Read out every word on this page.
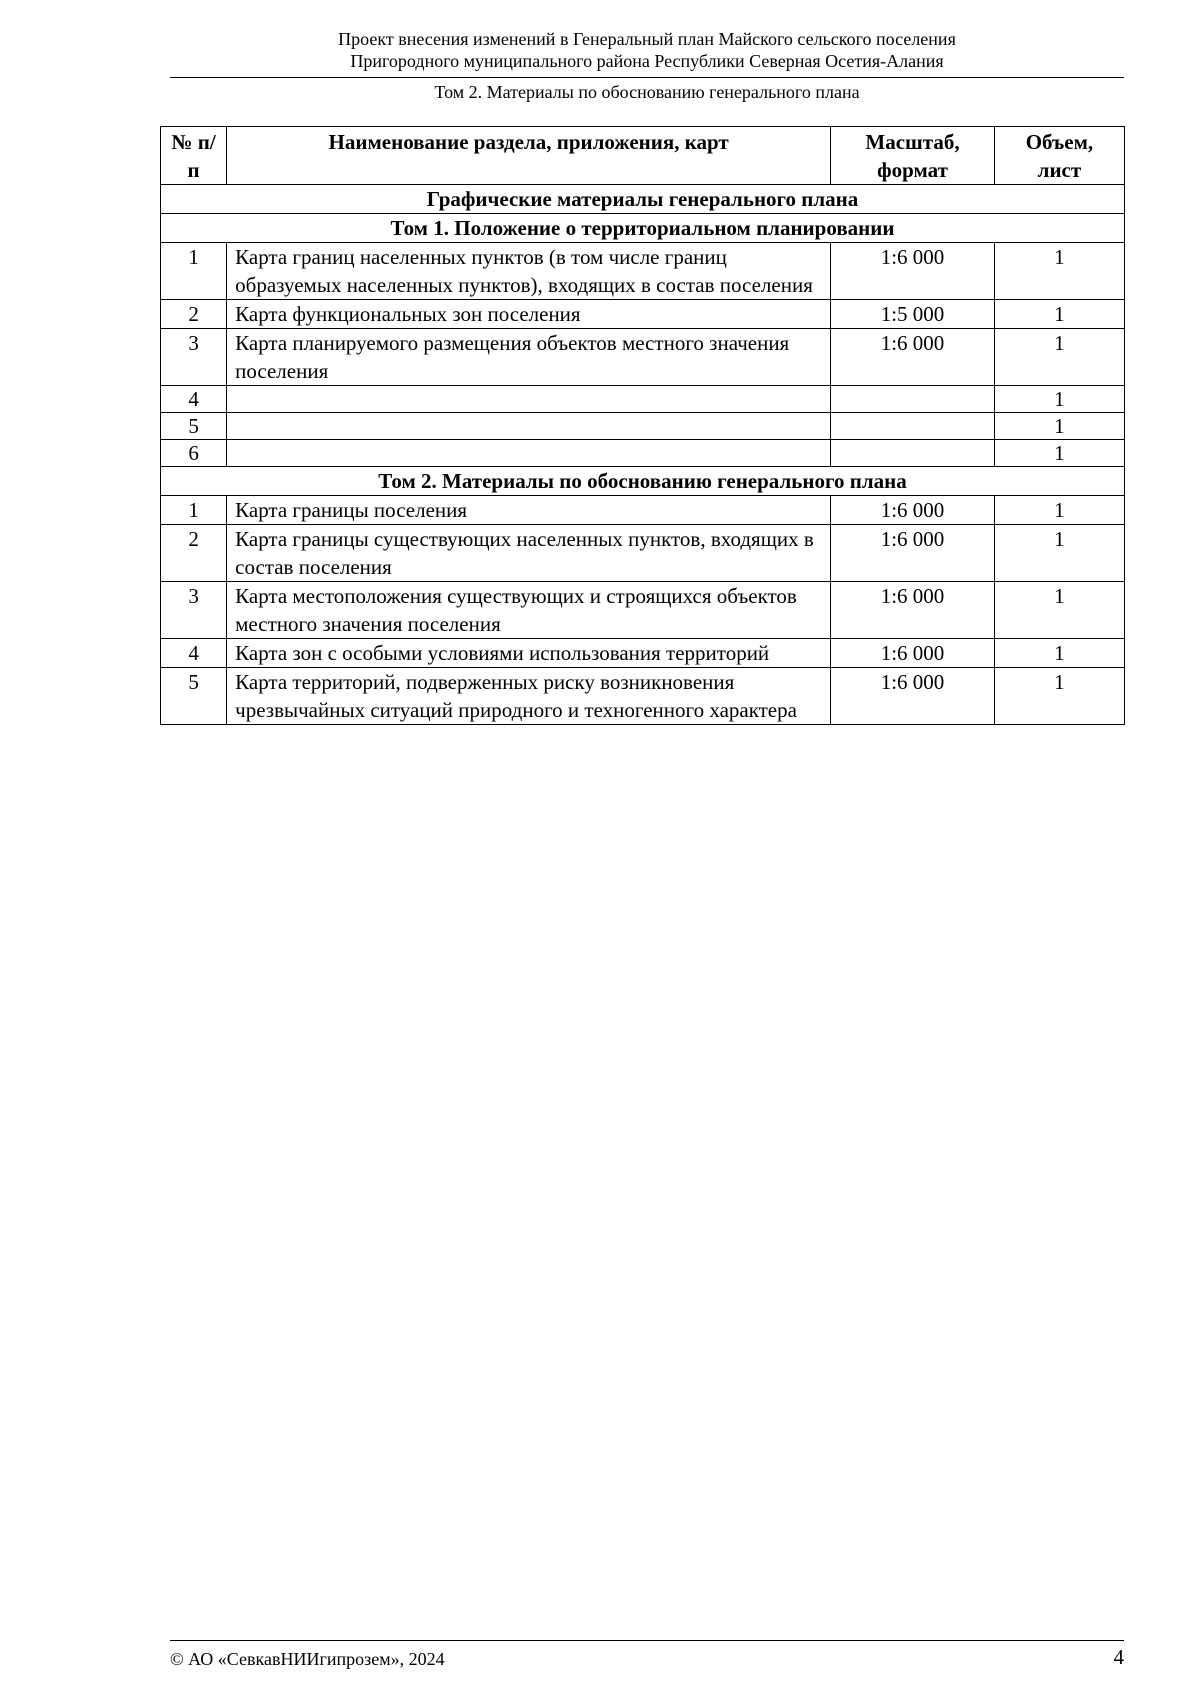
Проект внесения изменений в Генеральный план Майского сельского поселения
Пригородного муниципального района Республики Северная Осетия-Алания
Том 2. Материалы по обоснованию генерального плана
№ п/п	Наименование раздела, приложения, карт	Масштаб, формат	Объем, лист
Графические материалы генерального плана			
Том 1. Положение о территориальном планировании			
1	Карта границ населенных пунктов (в том числе границ образуемых населенных пунктов), входящих в состав поселения	1:6 000	1
2	Карта функциональных зон поселения	1:5 000	1
3	Карта планируемого размещения объектов местного значения поселения	1:6 000	1
4			1
5			1
6			1
Том 2. Материалы по обоснованию генерального плана			
1	Карта границы поселения	1:6 000	1
2	Карта границы существующих населенных пунктов, входящих в состав поселения	1:6 000	1
3	Карта местоположения существующих и строящихся объектов местного значения поселения	1:6 000	1
4	Карта зон с особыми условиями использования территорий	1:6 000	1
5	Карта территорий, подверженных риску возникновения чрезвычайных ситуаций природного и техногенного характера	1:6 000	1
© АО «СевкавНИИгипрозем», 2024	4
